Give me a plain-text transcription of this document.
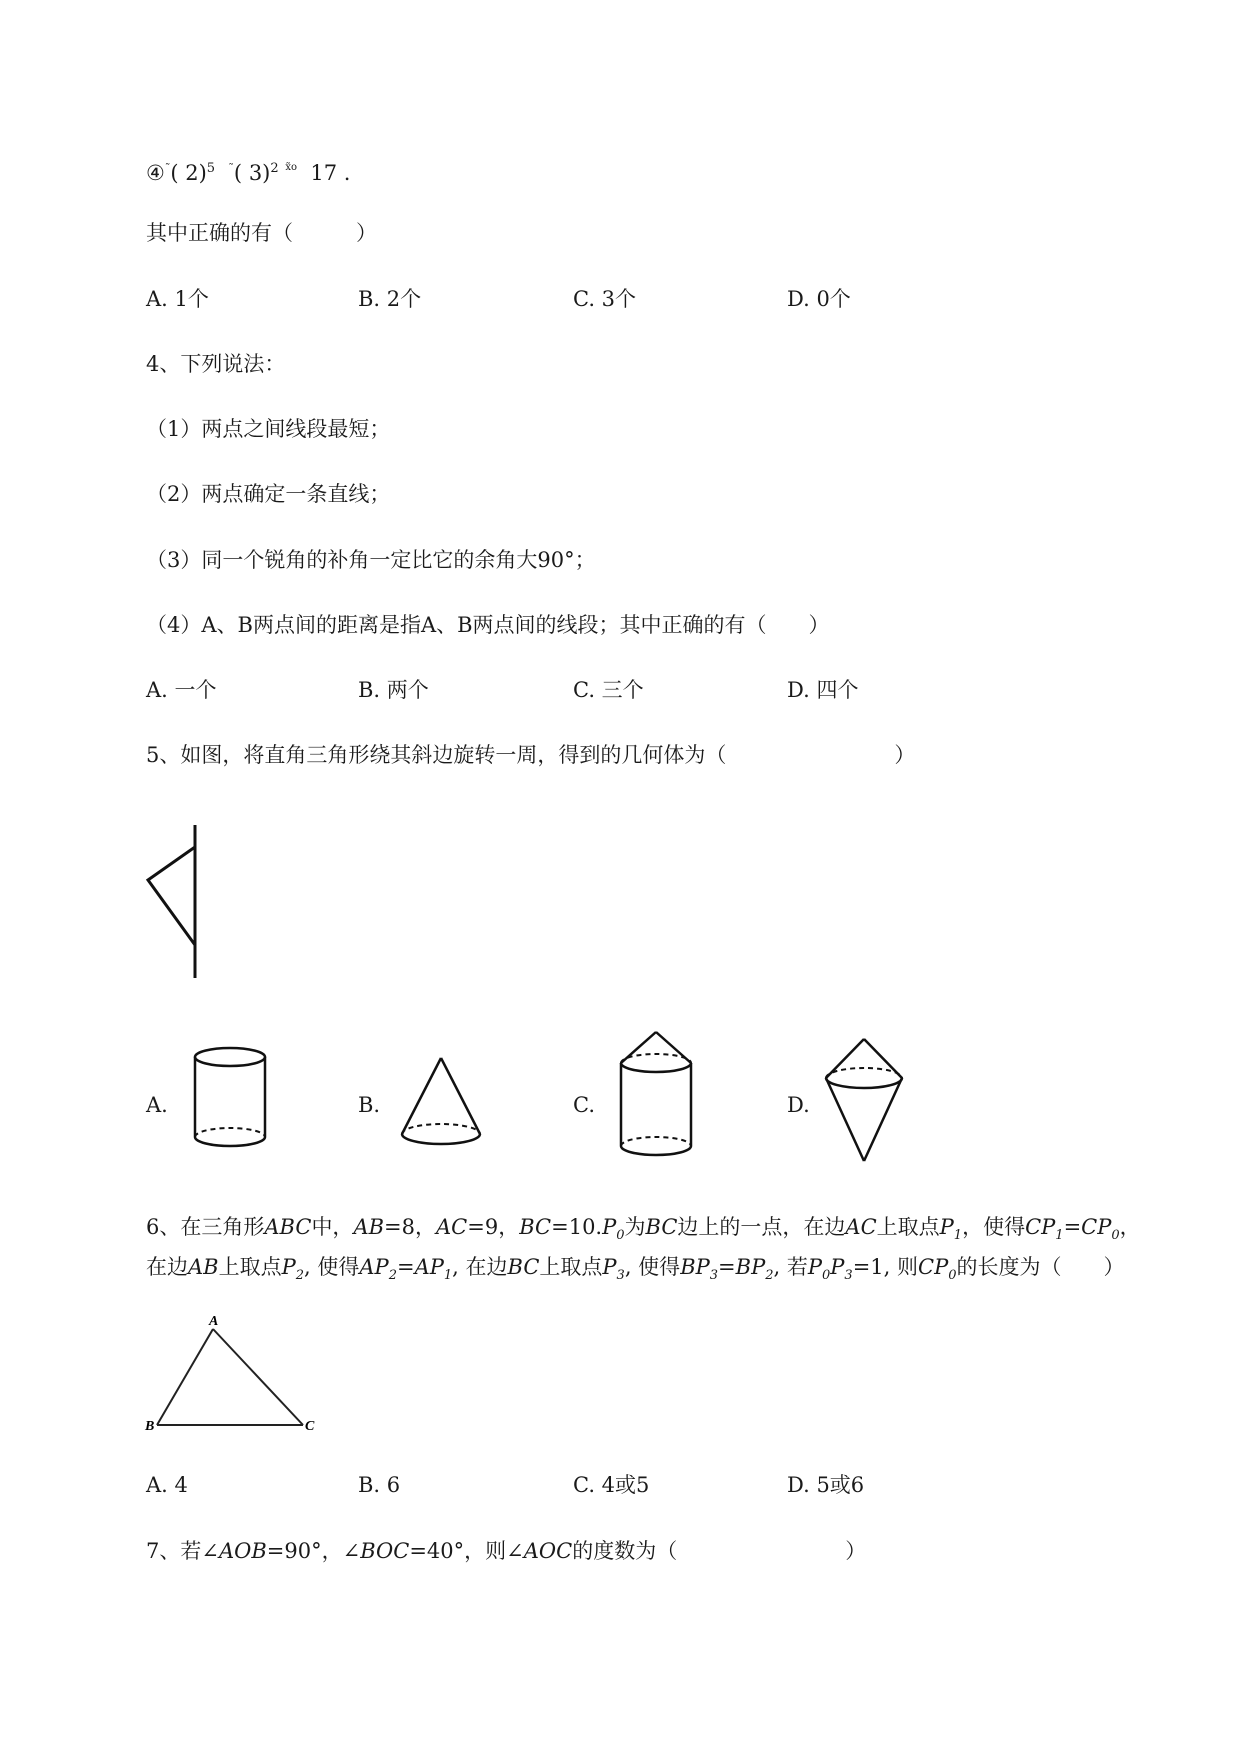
④˜( 2)$^5$ ˜( 3)$^2$ $^{x̃o}$ 17 .
其中正确的有（　　　）
A. 1个	B. 2个	C. 3个	D. 0个
4、下列说法：
（1）两点之间线段最短；
（2）两点确定一条直线；
（3）同一个锐角的补角一定比它的余角大90°；
（4）A、B两点间的距离是指A、B两点间的线段；其中正确的有（　　）
A. 一个	B. 两个	C. 三个	D. 四个
5、如图，将直角三角形绕其斜边旋转一周，得到的几何体为（　　　　　　　　）
A.	B.	C.	D.
6、在三角形ABC中，AB=8，AC=9，$BC=10.P_0$为BC边上的一点，在边AC上取点$P_1$，使得$CP_1=CP_0$，
在边AB上取点$P_2$, 使得$AP_2=AP_1$, 在边BC上取点$P_3$, 使得$BP_3=BP_2$, 若$P_0P_3=1$, 则$CP_0$的长度为（　　）
A
B	C
A. 4	B. 6	C. 4或5	D. 5或6
7、若∠AOB=90°，∠BOC=40°，则∠AOC的度数为（　　　　　　　　）
